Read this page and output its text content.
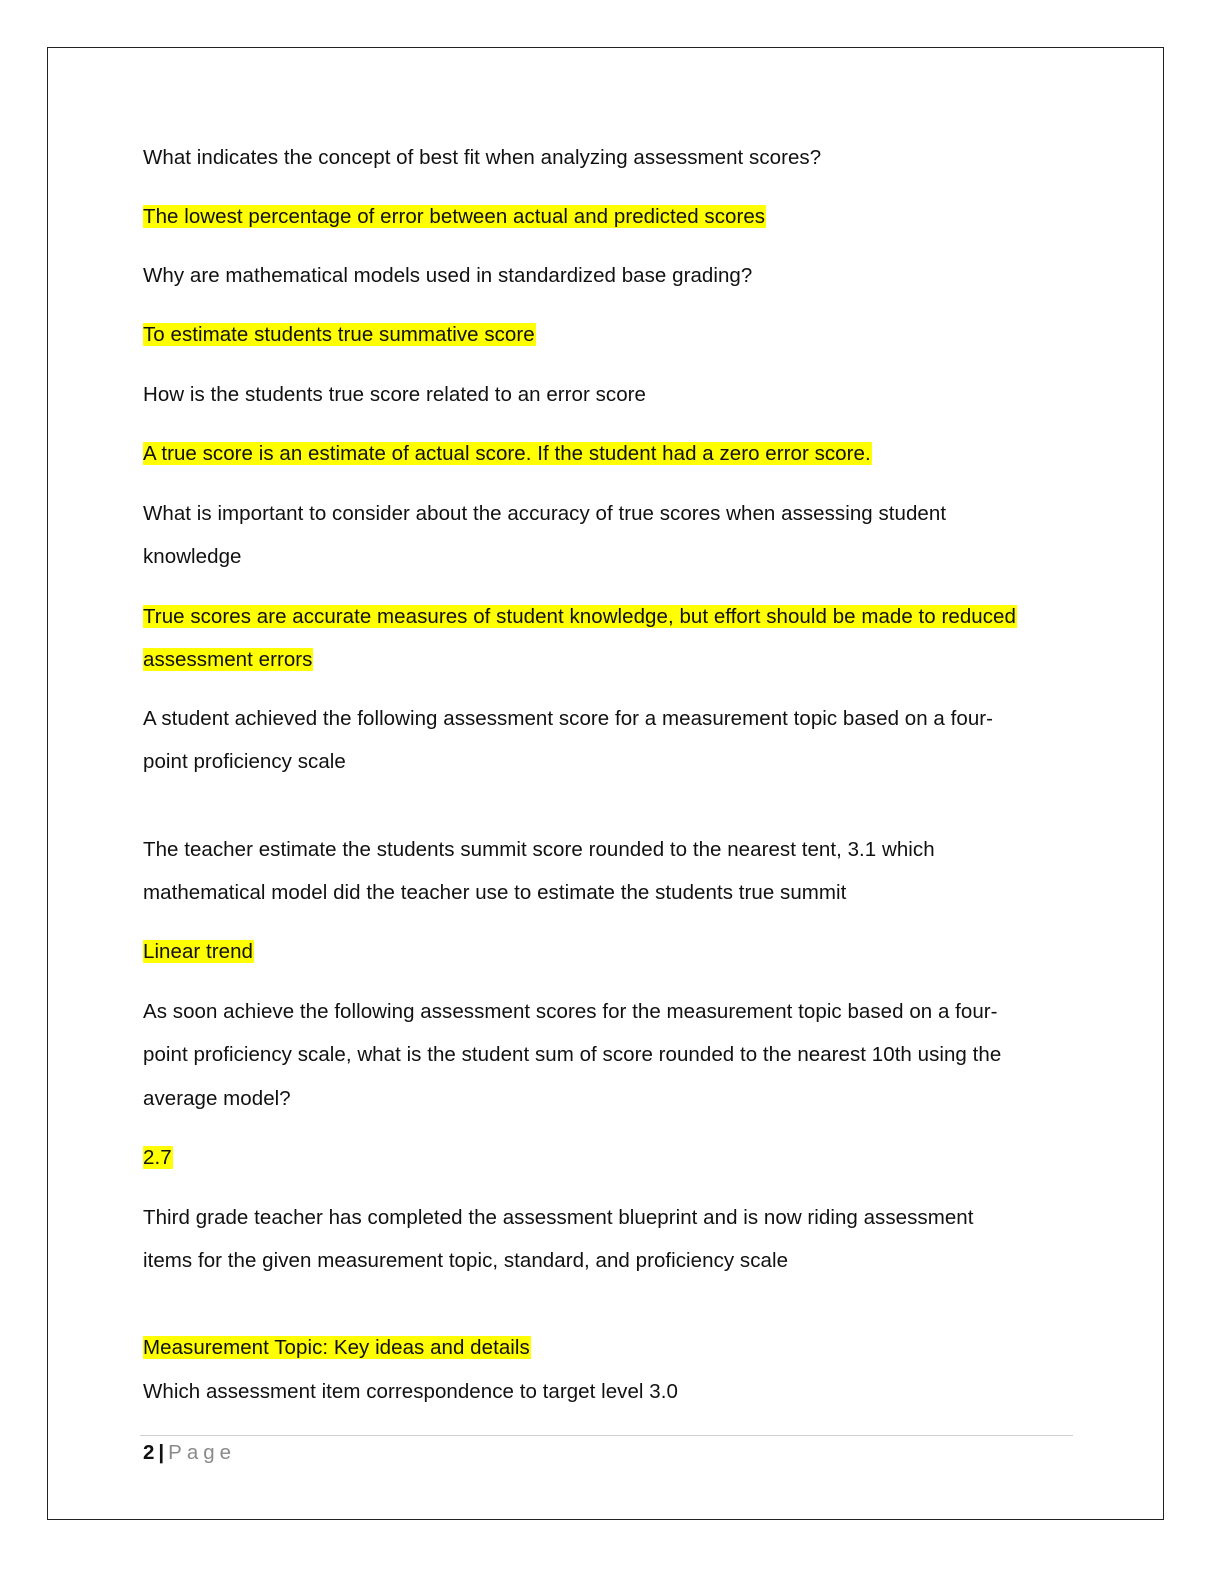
What indicates the concept of best fit when analyzing assessment scores?
The lowest percentage of error between actual and predicted scores
Why are mathematical models used in standardized base grading?
To estimate students true summative score
How is the students true score related to an error score
A true score is an estimate of actual score. If the student had a zero error score.
What is important to consider about the accuracy of true scores when assessing student
knowledge
True scores are accurate measures of student knowledge, but effort should be made to reduced
assessment errors
A student achieved the following assessment score for a measurement topic based on a four-
point proficiency scale
The teacher estimate the students summit score rounded to the nearest tent, 3.1 which
mathematical model did the teacher use to estimate the students true summit
Linear trend
As soon achieve the following assessment scores for the measurement topic based on a four-
point proficiency scale, what is the student sum of score rounded to the nearest 10th using the
average model?
2.7
Third grade teacher has completed the assessment blueprint and is now riding assessment
items for the given measurement topic, standard, and proficiency scale
Measurement Topic: Key ideas and details
Which assessment item correspondence to target level 3.0
2 | Page
